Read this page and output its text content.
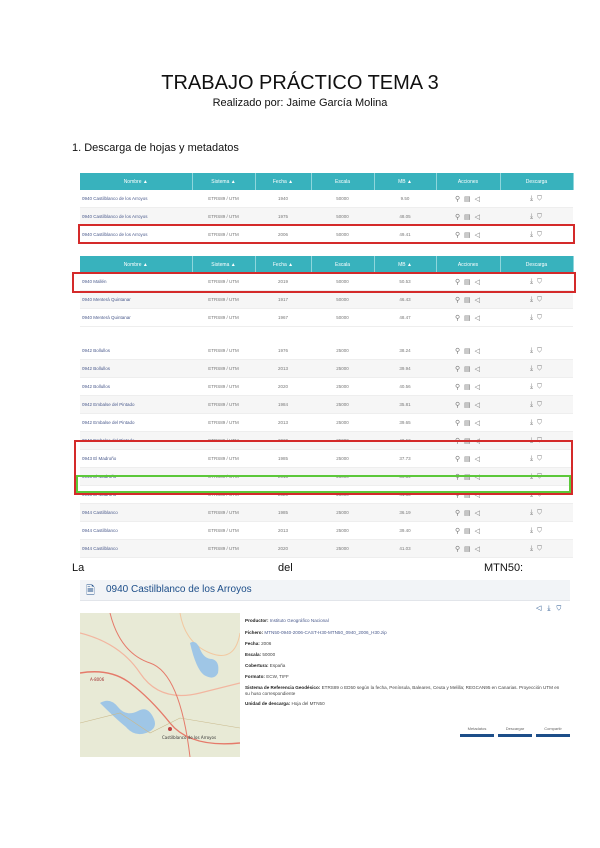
TRABAJO PRÁCTICO TEMA 3
Realizado por: Jaime García Molina
1. Descarga de hojas y metadatos
Nombre ▲	Sistema ▲	Fecha ▲	Escala	MB ▲	Acciones	Descarga
0940 Castilblanco de los Arroyos	ETRS89 / UTM	1940	50000	9.50	⚲ ▤ ◁	⤓ ⛉
0940 Castilblanco de los Arroyos	ETRS89 / UTM	1975	50000	48.05	⚲ ▤ ◁	⤓ ⛉
0940 Castilblanco de los Arroyos	ETRS89 / UTM	2006	50000	49.41	⚲ ▤ ◁	⤓ ⛉
Nombre ▲	Sistema ▲	Fecha ▲	Escala	MB ▲	Acciones	Descarga
0940 Mallén	ETRS89 / UTM	2019	50000	50.53	⚲ ▤ ◁	⤓ ⛉
0940 Menterá Quintanar	ETRS89 / UTM	1917	50000	46.43	⚲ ▤ ◁	⤓ ⛉
0940 Menterá Quintanar	ETRS89 / UTM	1967	50000	48.47	⚲ ▤ ◁	⤓ ⛉
0942 Bollullos	ETRS89 / UTM	1976	25000	38.24	⚲ ▤ ◁	⤓ ⛉
0942 Bollullos	ETRS89 / UTM	2013	25000	39.94	⚲ ▤ ◁	⤓ ⛉
0942 Bollullos	ETRS89 / UTM	2020	25000	40.56	⚲ ▤ ◁	⤓ ⛉
0942 Embalse del Pintado	ETRS89 / UTM	1984	25000	35.81	⚲ ▤ ◁	⤓ ⛉
0942 Embalse del Pintado	ETRS89 / UTM	2013	25000	39.65	⚲ ▤ ◁	⤓ ⛉
0942 Embalse del Pintado	ETRS89 / UTM	2020	25000	40.63	⚲ ▤ ◁	⤓ ⛉
0943 El Madroño	ETRS89 / UTM	1985	25000	37.73	⚲ ▤ ◁	⤓ ⛉
0943 El Madroño	ETRS89 / UTM	2013	25000	39.54	⚲ ▤ ◁	⤓ ⛉
0943 El Madroño	ETRS89 / UTM	2020	25000	41.63	⚲ ▤ ◁	⤓ ⛉
0944 Castilblanco	ETRS89 / UTM	1985	25000	36.19	⚲ ▤ ◁	⤓ ⛉
0944 Castilblanco	ETRS89 / UTM	2013	25000	39.40	⚲ ▤ ◁	⤓ ⛉
0944 Castilblanco	ETRS89 / UTM	2020	25000	41.03	⚲ ▤ ◁	⤓ ⛉
La	del	MTN50:
🗎 0940 Castilblanco de los Arroyos
◁ ⤓ ⛉
Castilblanco de los Arroyos
A-8006
Productor: Instituto Geográfico Nacional
Fichero: MTN50-0940-2006-CAST-H30-MTN50_0940_2006_H30.zip
Fecha: 2006
Escala: 50000
Cobertura: España
Formato: ECW, TIFF
Sistema de Referencia Geodésico: ETRS89 o ED50 según la fecha, Península, Baleares, Ceuta y Melilla; REGCAN95 en Canarias. Proyección UTM en su huso correspondiente
Unidad de descarga: Hoja del MTN50
Metadatos	Descargar	Compartir
